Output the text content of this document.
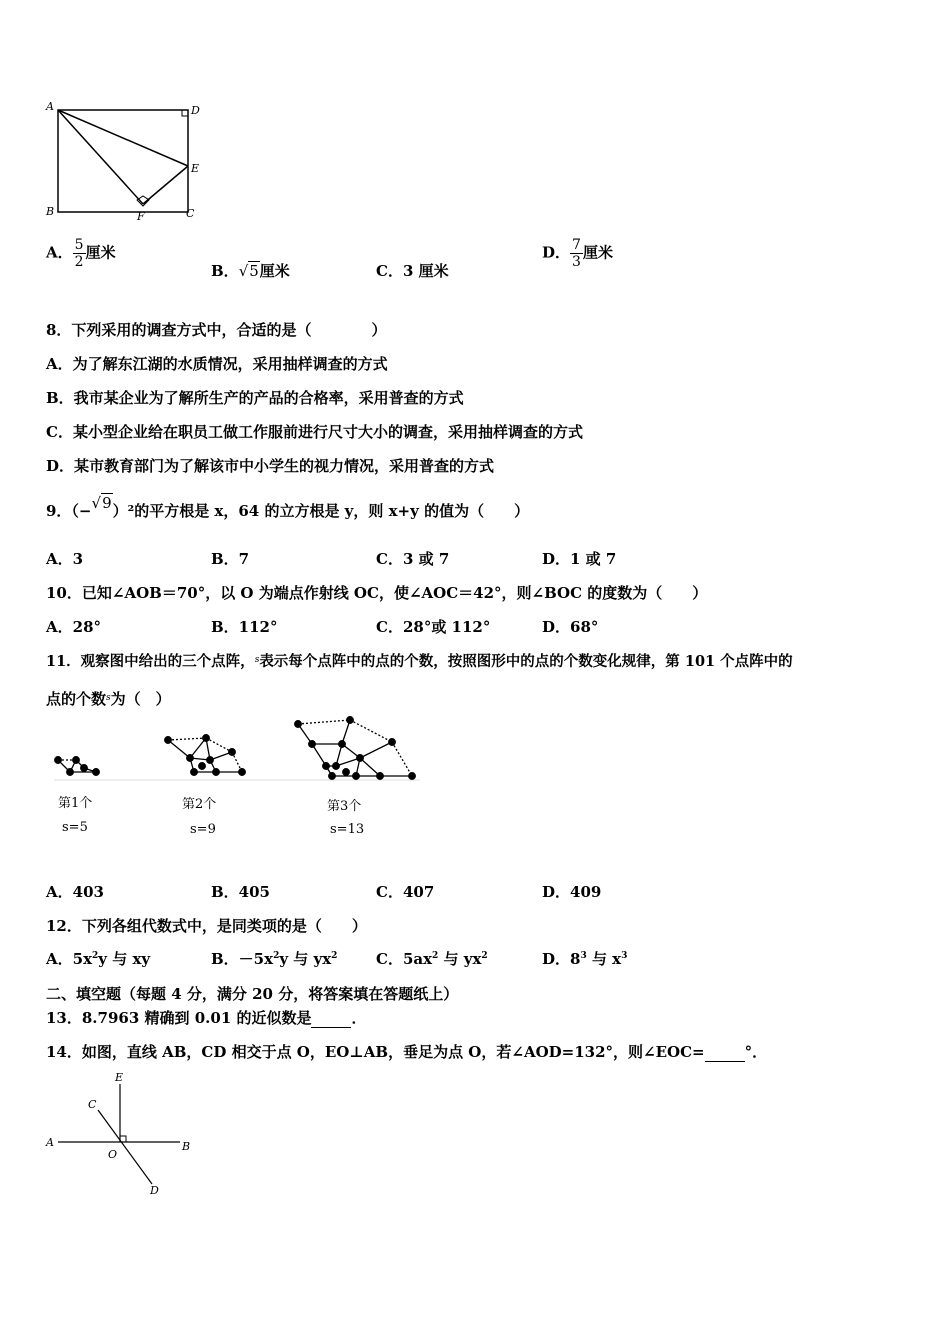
A	D
E
B	F	C
A． $\frac{5}{2}$ 厘米
B．√5厘米	C．3 厘米
D． $\frac{7}{3}$ 厘米
8．下列采用的调查方式中，合适的是（　　　　）
A．为了解东江湖的水质情况，采用抽样调查的方式
B．我市某企业为了解所生产的产品的合格率，采用普查的方式
C．某小型企业给在职员工做工作服前进行尺寸大小的调查，采用抽样调查的方式
D．某市教育部门为了解该市中小学生的视力情况，采用普查的方式
9．（−√9）²的平方根是 x，64 的立方根是 y，则 x+y 的值为（　　）
A．3	B．7	C．3 或 7	D．1 或 7
10．已知∠AOB＝70°，以 O 为端点作射线 OC，使∠AOC＝42°，则∠BOC 的度数为（　　）
A．28°	B．112°	C．28°或 112°	D．68°
11．观察图中给出的三个点阵，$^s$表示每个点阵中的点的个数，按照图形中的点的个数变化规律，第 101 个点阵中的
点的个数$^s$为（　）
第1个
s=5
第2个
s=9
第3个
s=13
A．403	B．405	C．407	D．409
12．下列各组代数式中，是同类项的是（　　）
A．$5x^2y$ 与 xy	B．$-5x^2y$ 与 $yx^2$	C．$5ax^2$ 与 $yx^2$	D．$8^3$ 与 $x^3$
二、填空题（每题 4 分，满分 20 分，将答案填在答题纸上）
13．8.7963 精确到 0.01 的近似数是	．
14．如图，直线 AB，CD 相交于点 O，EO⊥AB，垂足为点 O，若∠AOD=132°，则∠EOC=	°．
E
C
A
O
B
D
